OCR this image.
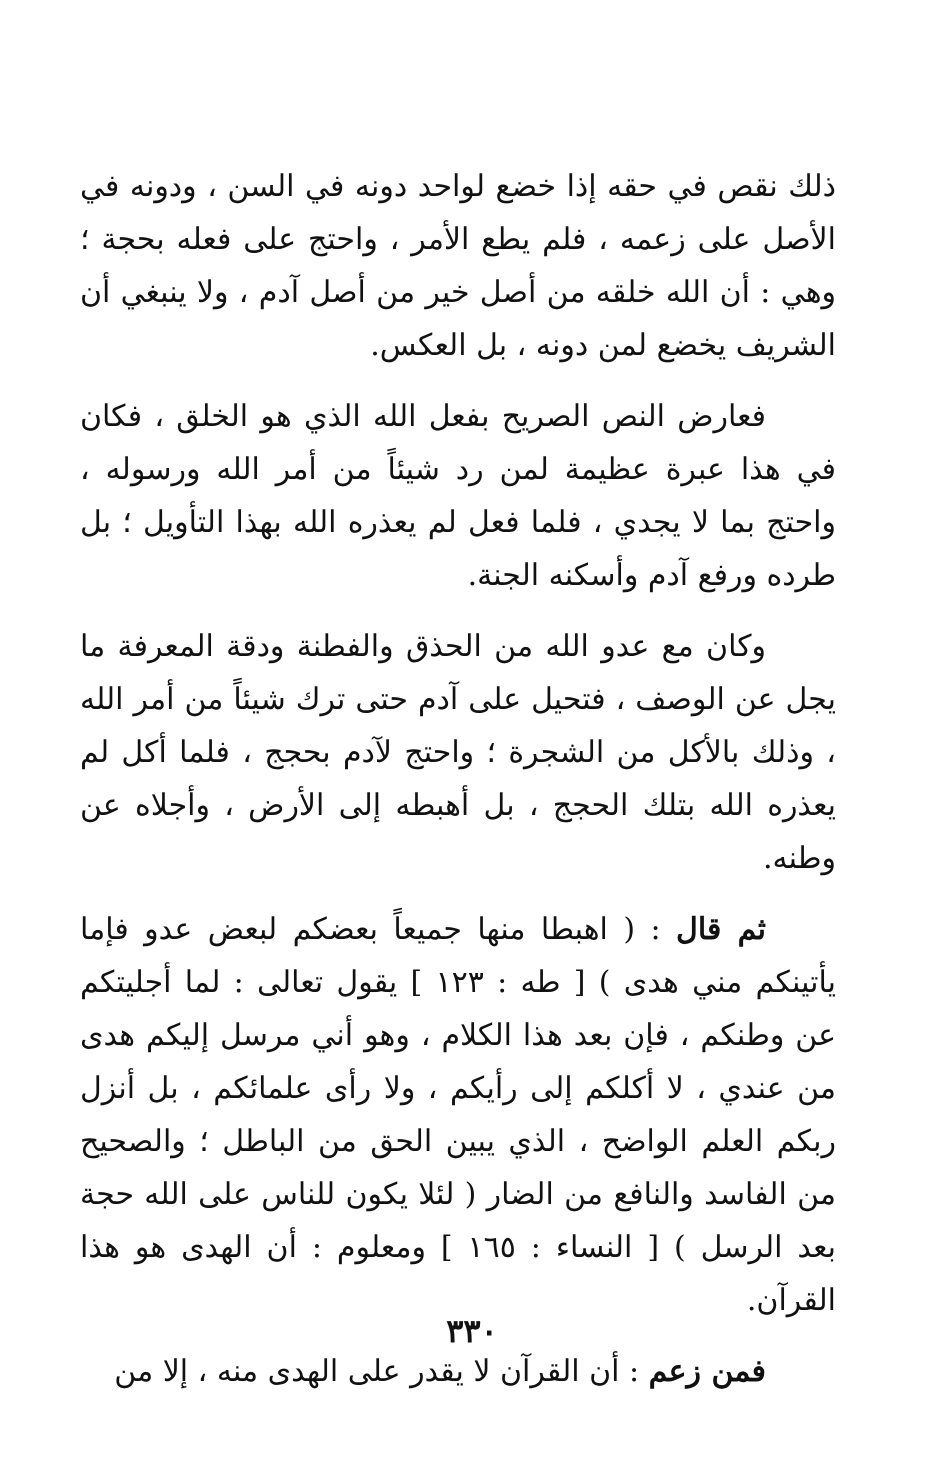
ذلك نقص في حقه إذا خضع لواحد دونه في السن ، ودونه في الأصل على زعمه ، فلم يطع الأمر ، واحتج على فعله بحجة ؛ وهي : أن الله خلقه من أصل خير من أصل آدم ، ولا ينبغي أن الشريف يخضع لمن دونه ، بل العكس.

فعارض النص الصريح بفعل الله الذي هو الخلق ، فكان في هذا عبرة عظيمة لمن رد شيئاً من أمر الله ورسوله ، واحتج بما لا يجدي ، فلما فعل لم يعذره الله بهذا التأويل ؛ بل طرده ورفع آدم وأسكنه الجنة.

وكان مع عدو الله من الحذق والفطنة ودقة المعرفة ما يجل عن الوصف ، فتحيل على آدم حتى ترك شيئاً من أمر الله ، وذلك بالأكل من الشجرة ؛ واحتج لآدم بحجج ، فلما أكل لم يعذره الله بتلك الحجج ، بل أهبطه إلى الأرض ، وأجلاه عن وطنه.

ثم قال : ( اهبطا منها جميعاً بعضكم لبعض عدو فإما يأتينكم مني هدى ) [ طه : ١٢٣ ] يقول تعالى : لما أجليتكم عن وطنكم ، فإن بعد هذا الكلام ، وهو أني مرسل إليكم هدى من عندي ، لا أكلكم إلى رأيكم ، ولا رأى علمائكم ، بل أنزل ربكم العلم الواضح ، الذي يبين الحق من الباطل ؛ والصحيح من الفاسد والنافع من الضار ( لئلا يكون للناس على الله حجة بعد الرسل ) [ النساء : ١٦٥ ] ومعلوم : أن الهدى هو هذا القرآن.

فمن زعم : أن القرآن لا يقدر على الهدى منه ، إلا من

٣٣٠
